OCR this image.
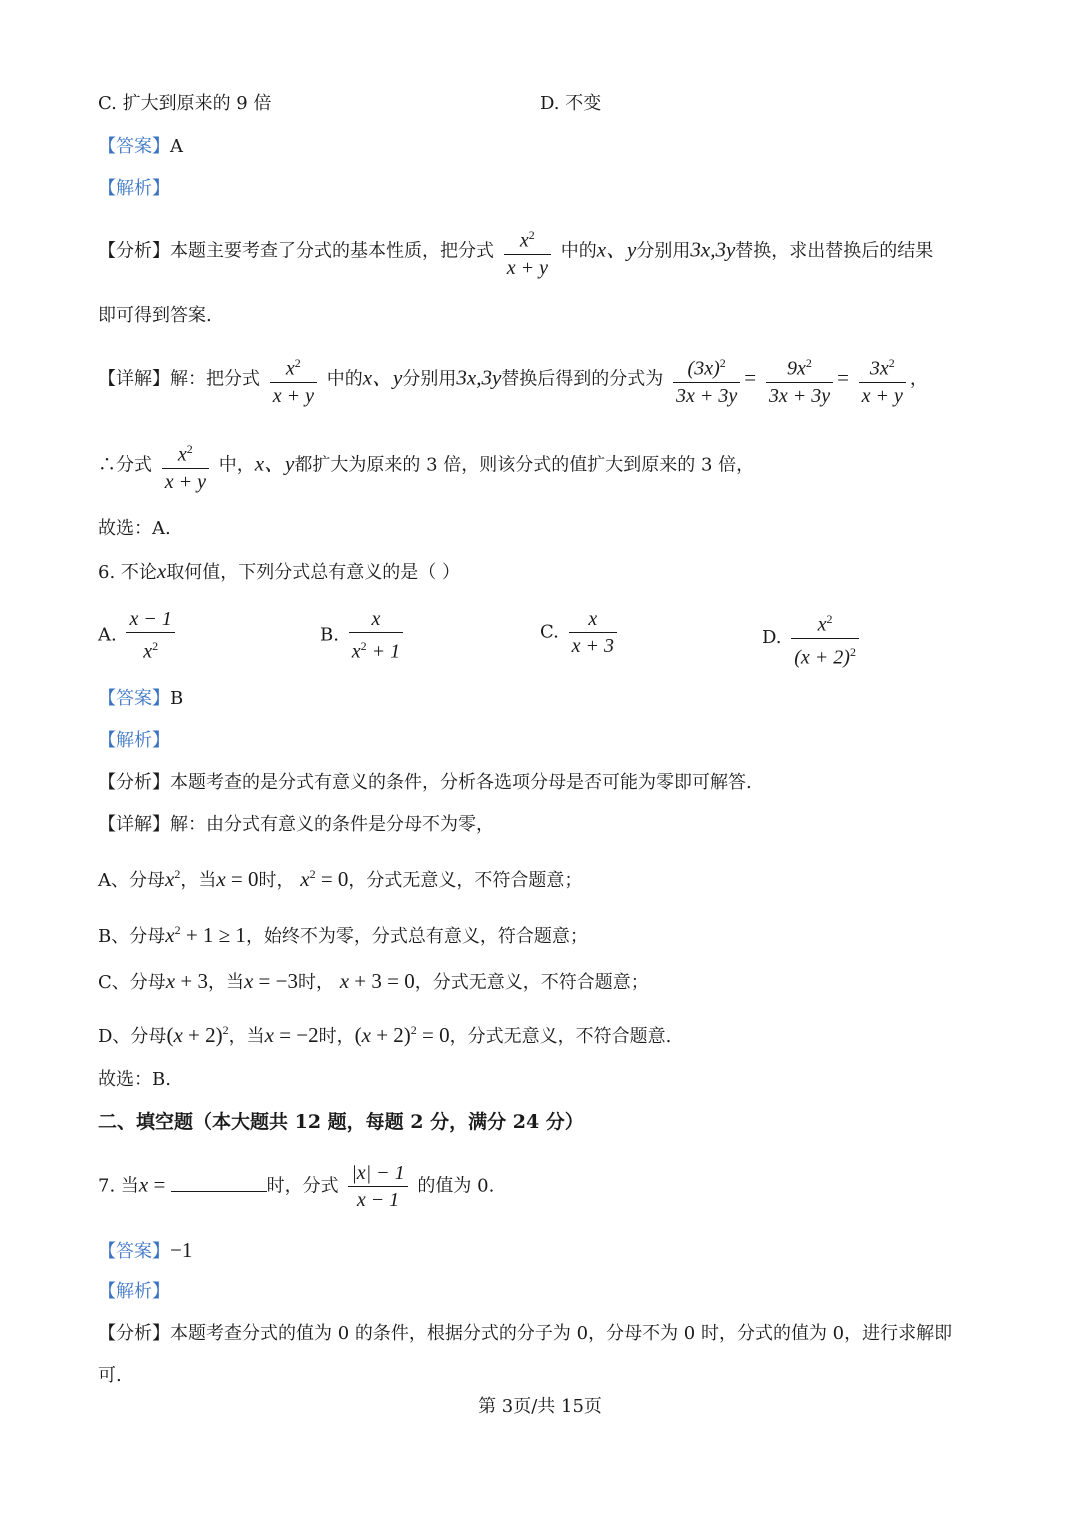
C. 扩大到原来的 9 倍	D. 不变
【答案】A
【解析】
【分析】本题主要考查了分式的基本性质，把分式 $\frac{x^2}{x + y}$ 中的x、y分别用3x,3y替换，求出替换后的结果
即可得到答案.
【详解】解：把分式 $\frac{x^2}{x + y}$ 中的x、y分别用3x,3y替换后得到的分式为 $\frac{(3x)^2}{3x + 3y} = \frac{9x^2}{3x + 3y} = \frac{3x^2}{x + y}$ ，
∴分式 $\frac{x^2}{x + y}$ 中，x、y都扩大为原来的 3 倍，则该分式的值扩大到原来的 3 倍，
故选：A.
6. 不论x取何值，下列分式总有意义的是（ ）
A. $\frac{x - 1}{x^2}$	B. $\frac{x}{x^2 + 1}$	C. $\frac{x}{x + 3}$	D. $\frac{x^2}{(x + 2)^2}$
【答案】B
【解析】
【分析】本题考查的是分式有意义的条件，分析各选项分母是否可能为零即可解答.
【详解】解：由分式有意义的条件是分母不为零，
A、分母$x^2$，当x = 0时， $x^2 = 0$，分式无意义，不符合题意；
B、分母$x^2 + 1 \ge 1$，始终不为零，分式总有意义，符合题意；
C、分母x + 3，当x = −3时， x + 3 = 0，分式无意义，不符合题意；
D、分母$(x + 2)^2$，当x = −2时，$(x + 2)^2 = 0$，分式无意义，不符合题意.
故选：B.
二、填空题（本大题共 12 题，每题 2 分，满分 24 分）
7. 当x =	时，分式 $\frac{|x| - 1}{x - 1}$ 的值为 0.
【答案】−1
【解析】
【分析】本题考查分式的值为 0 的条件，根据分式的分子为 0，分母不为 0 时，分式的值为 0，进行求解即
可.
第 3页/共 15页
